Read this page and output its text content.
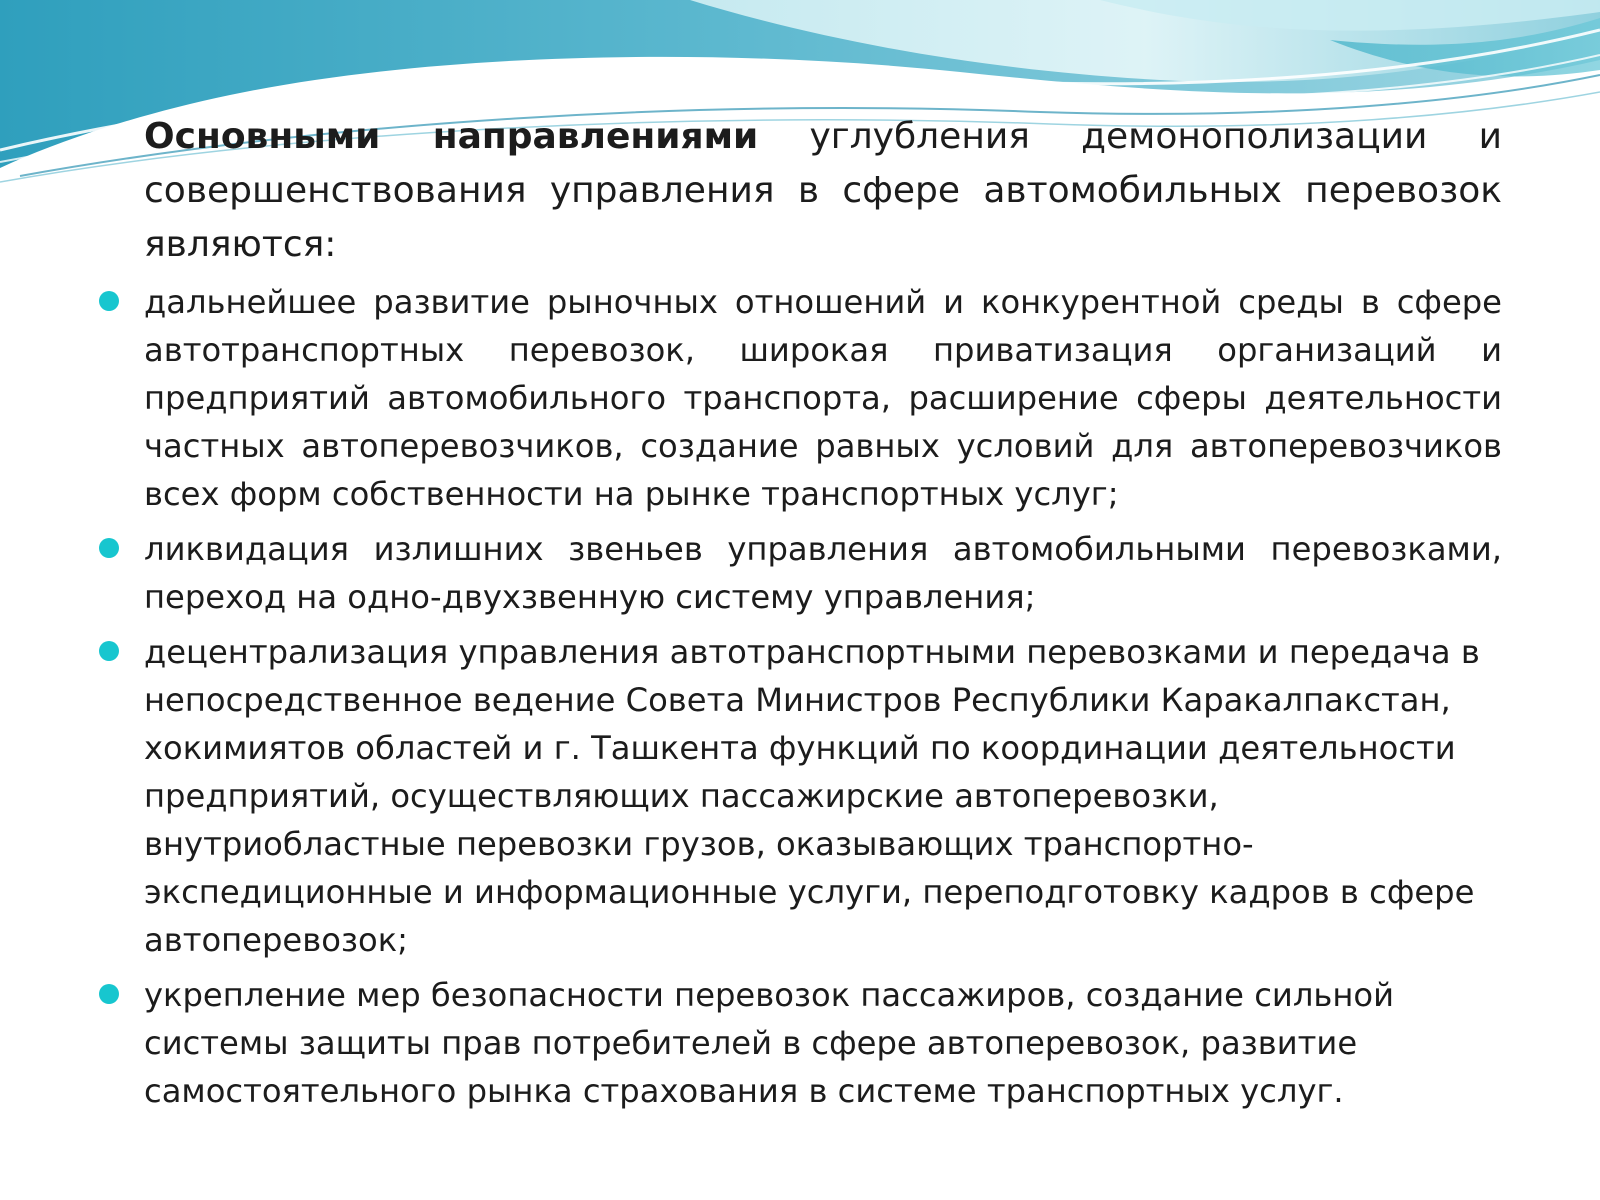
Основными направлениями углубления демонополизации и совершенствования управления в сфере автомобильных перевозок являются:

дальнейшее развитие рыночных отношений и конкурентной среды в сфере автотранспортных перевозок, широкая приватизация организаций и предприятий автомобильного транспорта, расширение сферы деятельности частных автоперевозчиков, создание равных условий для автоперевозчиков всех форм собственности на рынке транспортных услуг;
ликвидация излишних звеньев управления автомобильными перевозками, переход на одно-двухзвенную систему управления;
децентрализация управления автотранспортными перевозками и передача в непосредственное ведение Совета Министров Республики Каракалпакстан, хокимиятов областей и г. Ташкента функций по координации деятельности предприятий, осуществляющих пассажирские автоперевозки, внутриобластные перевозки грузов, оказывающих транспортно-экспедиционные и информационные услуги, переподготовку кадров в сфере автоперевозок;
укрепление мер безопасности перевозок пассажиров, создание сильной системы защиты прав потребителей в сфере автоперевозок, развитие самостоятельного рынка страхования в системе транспортных услуг.
